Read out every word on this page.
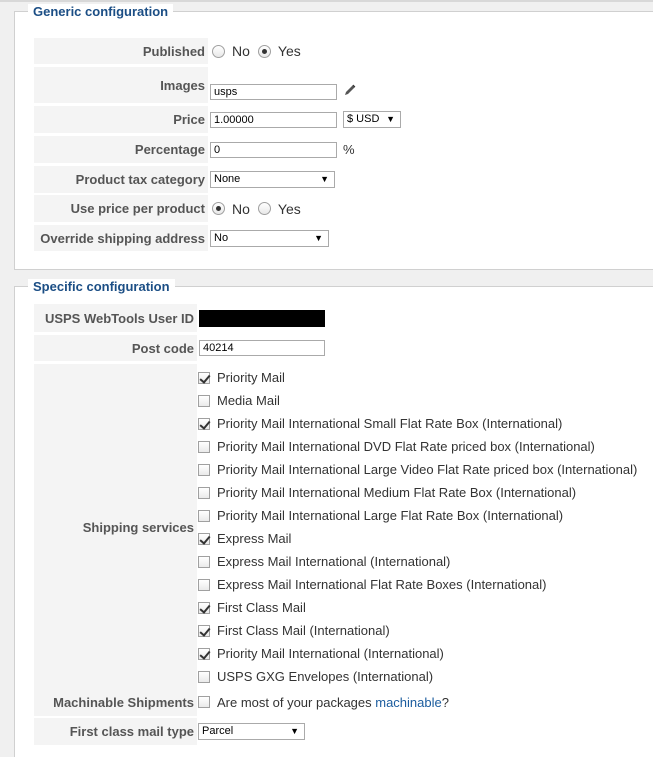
Generic configuration
Published No Yes
Images usps
Price 1.00000	$ USD ▼
Percentage 0	%
Product tax category None	▼
Use price per product No Yes
Override shipping address No	▼
Specific configuration
USPS WebTools User ID
Post code 40214
Shipping services
Priority Mail
Media Mail
Priority Mail International Small Flat Rate Box (International)
Priority Mail International DVD Flat Rate priced box (International)
Priority Mail International Large Video Flat Rate priced box (International)
Priority Mail International Medium Flat Rate Box (International)
Priority Mail International Large Flat Rate Box (International)
Express Mail
Express Mail International (International)
Express Mail International Flat Rate Boxes (International)
First Class Mail
First Class Mail (International)
Priority Mail International (International)
USPS GXG Envelopes (International)
Machinable Shipments Are most of your packages machinable?
First class mail type Parcel	▼
